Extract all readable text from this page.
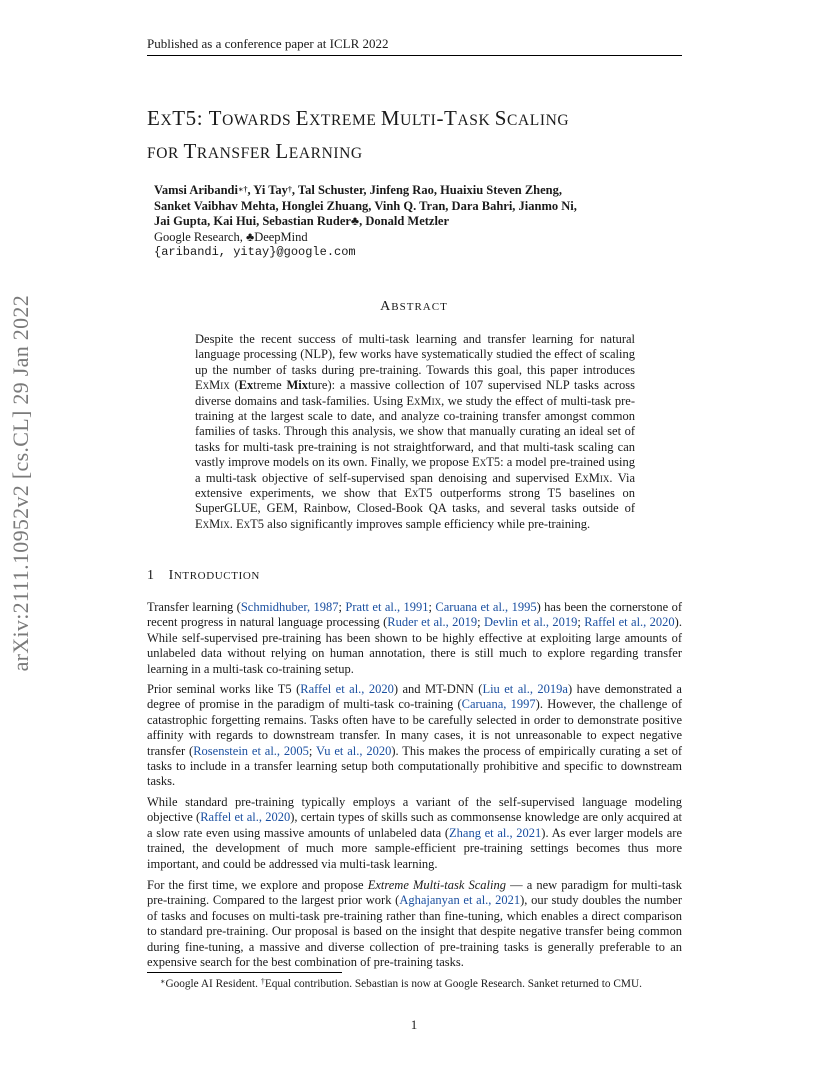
Published as a conference paper at ICLR 2022
EXT5: TOWARDS EXTREME MULTI-TASK SCALING
FOR TRANSFER LEARNING
Vamsi Aribandi∗†, Yi Tay†, Tal Schuster, Jinfeng Rao, Huaixiu Steven Zheng,
Sanket Vaibhav Mehta, Honglei Zhuang, Vinh Q. Tran, Dara Bahri, Jianmo Ni,
Jai Gupta, Kai Hui, Sebastian Ruder♣, Donald Metzler
Google Research, ♣DeepMind
{aribandi, yitay}@google.com
arXiv:2111.10952v2 [cs.CL] 29 Jan 2022	ABSTRACT
Despite the recent success of multi-task learning and transfer learning for natural language processing (NLP), few works have systematically studied the effect of scaling up the number of tasks during pre-training. Towards this goal, this paper introduces ExMix (Extreme Mixture): a massive collection of 107 supervised NLP tasks across diverse domains and task-families. Using ExMix, we study the effect of multi-task pre-training at the largest scale to date, and analyze co-training transfer amongst common families of tasks. Through this analysis, we show that manually curating an ideal set of tasks for multi-task pre-training is not straightforward, and that multi-task scaling can vastly improve models on its own. Finally, we propose ExT5: a model pre-trained using a multi-task objective of self-supervised span denoising and supervised ExMix. Via extensive experiments, we show that ExT5 outperforms strong T5 baselines on SuperGLUE, GEM, Rainbow, Closed-Book QA tasks, and several tasks outside of ExMix. ExT5 also significantly improves sample efficiency while pre-training.
1 INTRODUCTION
Transfer learning (Schmidhuber, 1987; Pratt et al., 1991; Caruana et al., 1995) has been the cornerstone of recent progress in natural language processing (Ruder et al., 2019; Devlin et al., 2019; Raffel et al., 2020). While self-supervised pre-training has been shown to be highly effective at exploiting large amounts of unlabeled data without relying on human annotation, there is still much to explore regarding transfer learning in a multi-task co-training setup.
Prior seminal works like T5 (Raffel et al., 2020) and MT-DNN (Liu et al., 2019a) have demonstrated a degree of promise in the paradigm of multi-task co-training (Caruana, 1997). However, the challenge of catastrophic forgetting remains. Tasks often have to be carefully selected in order to demonstrate positive affinity with regards to downstream transfer. In many cases, it is not unreasonable to expect negative transfer (Rosenstein et al., 2005; Vu et al., 2020). This makes the process of empirically curating a set of tasks to include in a transfer learning setup both computationally prohibitive and specific to downstream tasks.
While standard pre-training typically employs a variant of the self-supervised language modeling objective (Raffel et al., 2020), certain types of skills such as commonsense knowledge are only acquired at a slow rate even using massive amounts of unlabeled data (Zhang et al., 2021). As ever larger models are trained, the development of much more sample-efficient pre-training settings becomes thus more important, and could be addressed via multi-task learning.
For the first time, we explore and propose Extreme Multi-task Scaling — a new paradigm for multi-task pre-training. Compared to the largest prior work (Aghajanyan et al., 2021), our study doubles the number of tasks and focuses on multi-task pre-training rather than fine-tuning, which enables a direct comparison to standard pre-training. Our proposal is based on the insight that despite negative transfer being common during fine-tuning, a massive and diverse collection of pre-training tasks is generally preferable to an expensive search for the best combination of pre-training tasks.
∗Google AI Resident. †Equal contribution. Sebastian is now at Google Research. Sanket returned to CMU.
1
